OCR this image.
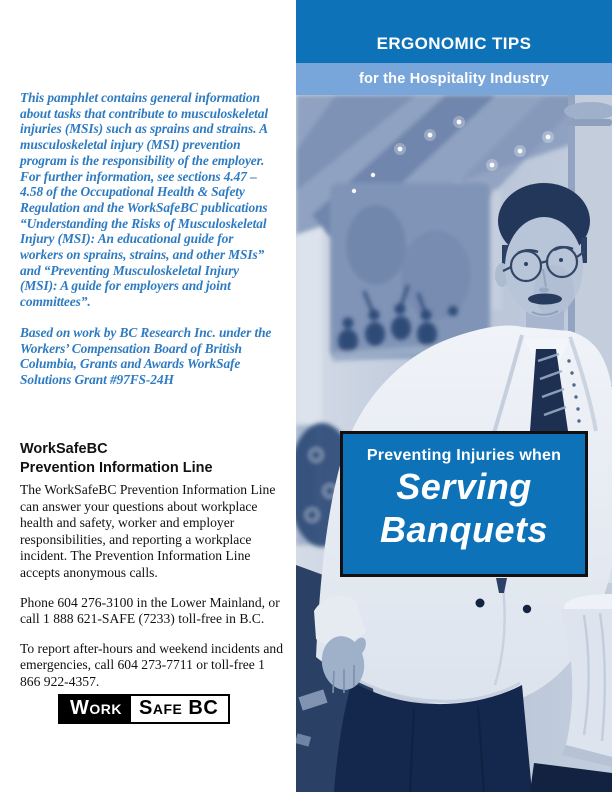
This pamphlet contains general information about tasks that contribute to musculoskeletal injuries (MSIs) such as sprains and strains. A musculoskeletal injury (MSI) prevention program is the responsibility of the employer. For further information, see sections 4.47 – 4.58 of the Occupational Health & Safety Regulation and the WorkSafeBC publications “Understanding the Risks of Musculoskeletal Injury (MSI): An educational guide for workers on sprains, strains, and other MSIs” and “Preventing Musculoskeletal Injury (MSI): A guide for employers and joint committees”.

Based on work by BC Research Inc. under the Workers’ Compensation Board of British Columbia, Grants and Awards WorkSafe Solutions Grant #97FS-24H

WorkSafeBC
Prevention Information Line

The WorkSafeBC Prevention Information Line can answer your questions about workplace health and safety, worker and employer responsibilities, and reporting a workplace incident. The Prevention Information Line accepts anonymous calls.

Phone 604 276-3100 in the Lower Mainland, or call 1 888 621-SAFE (7233) toll-free in B.C.

To report after-hours and weekend incidents and emergencies, call 604 273-7711 or toll-free 1 866 922-4357.

Work Safe BC
ERGONOMIC TIPS
for the Hospitality Industry
Preventing Injuries when
Serving
Banquets
